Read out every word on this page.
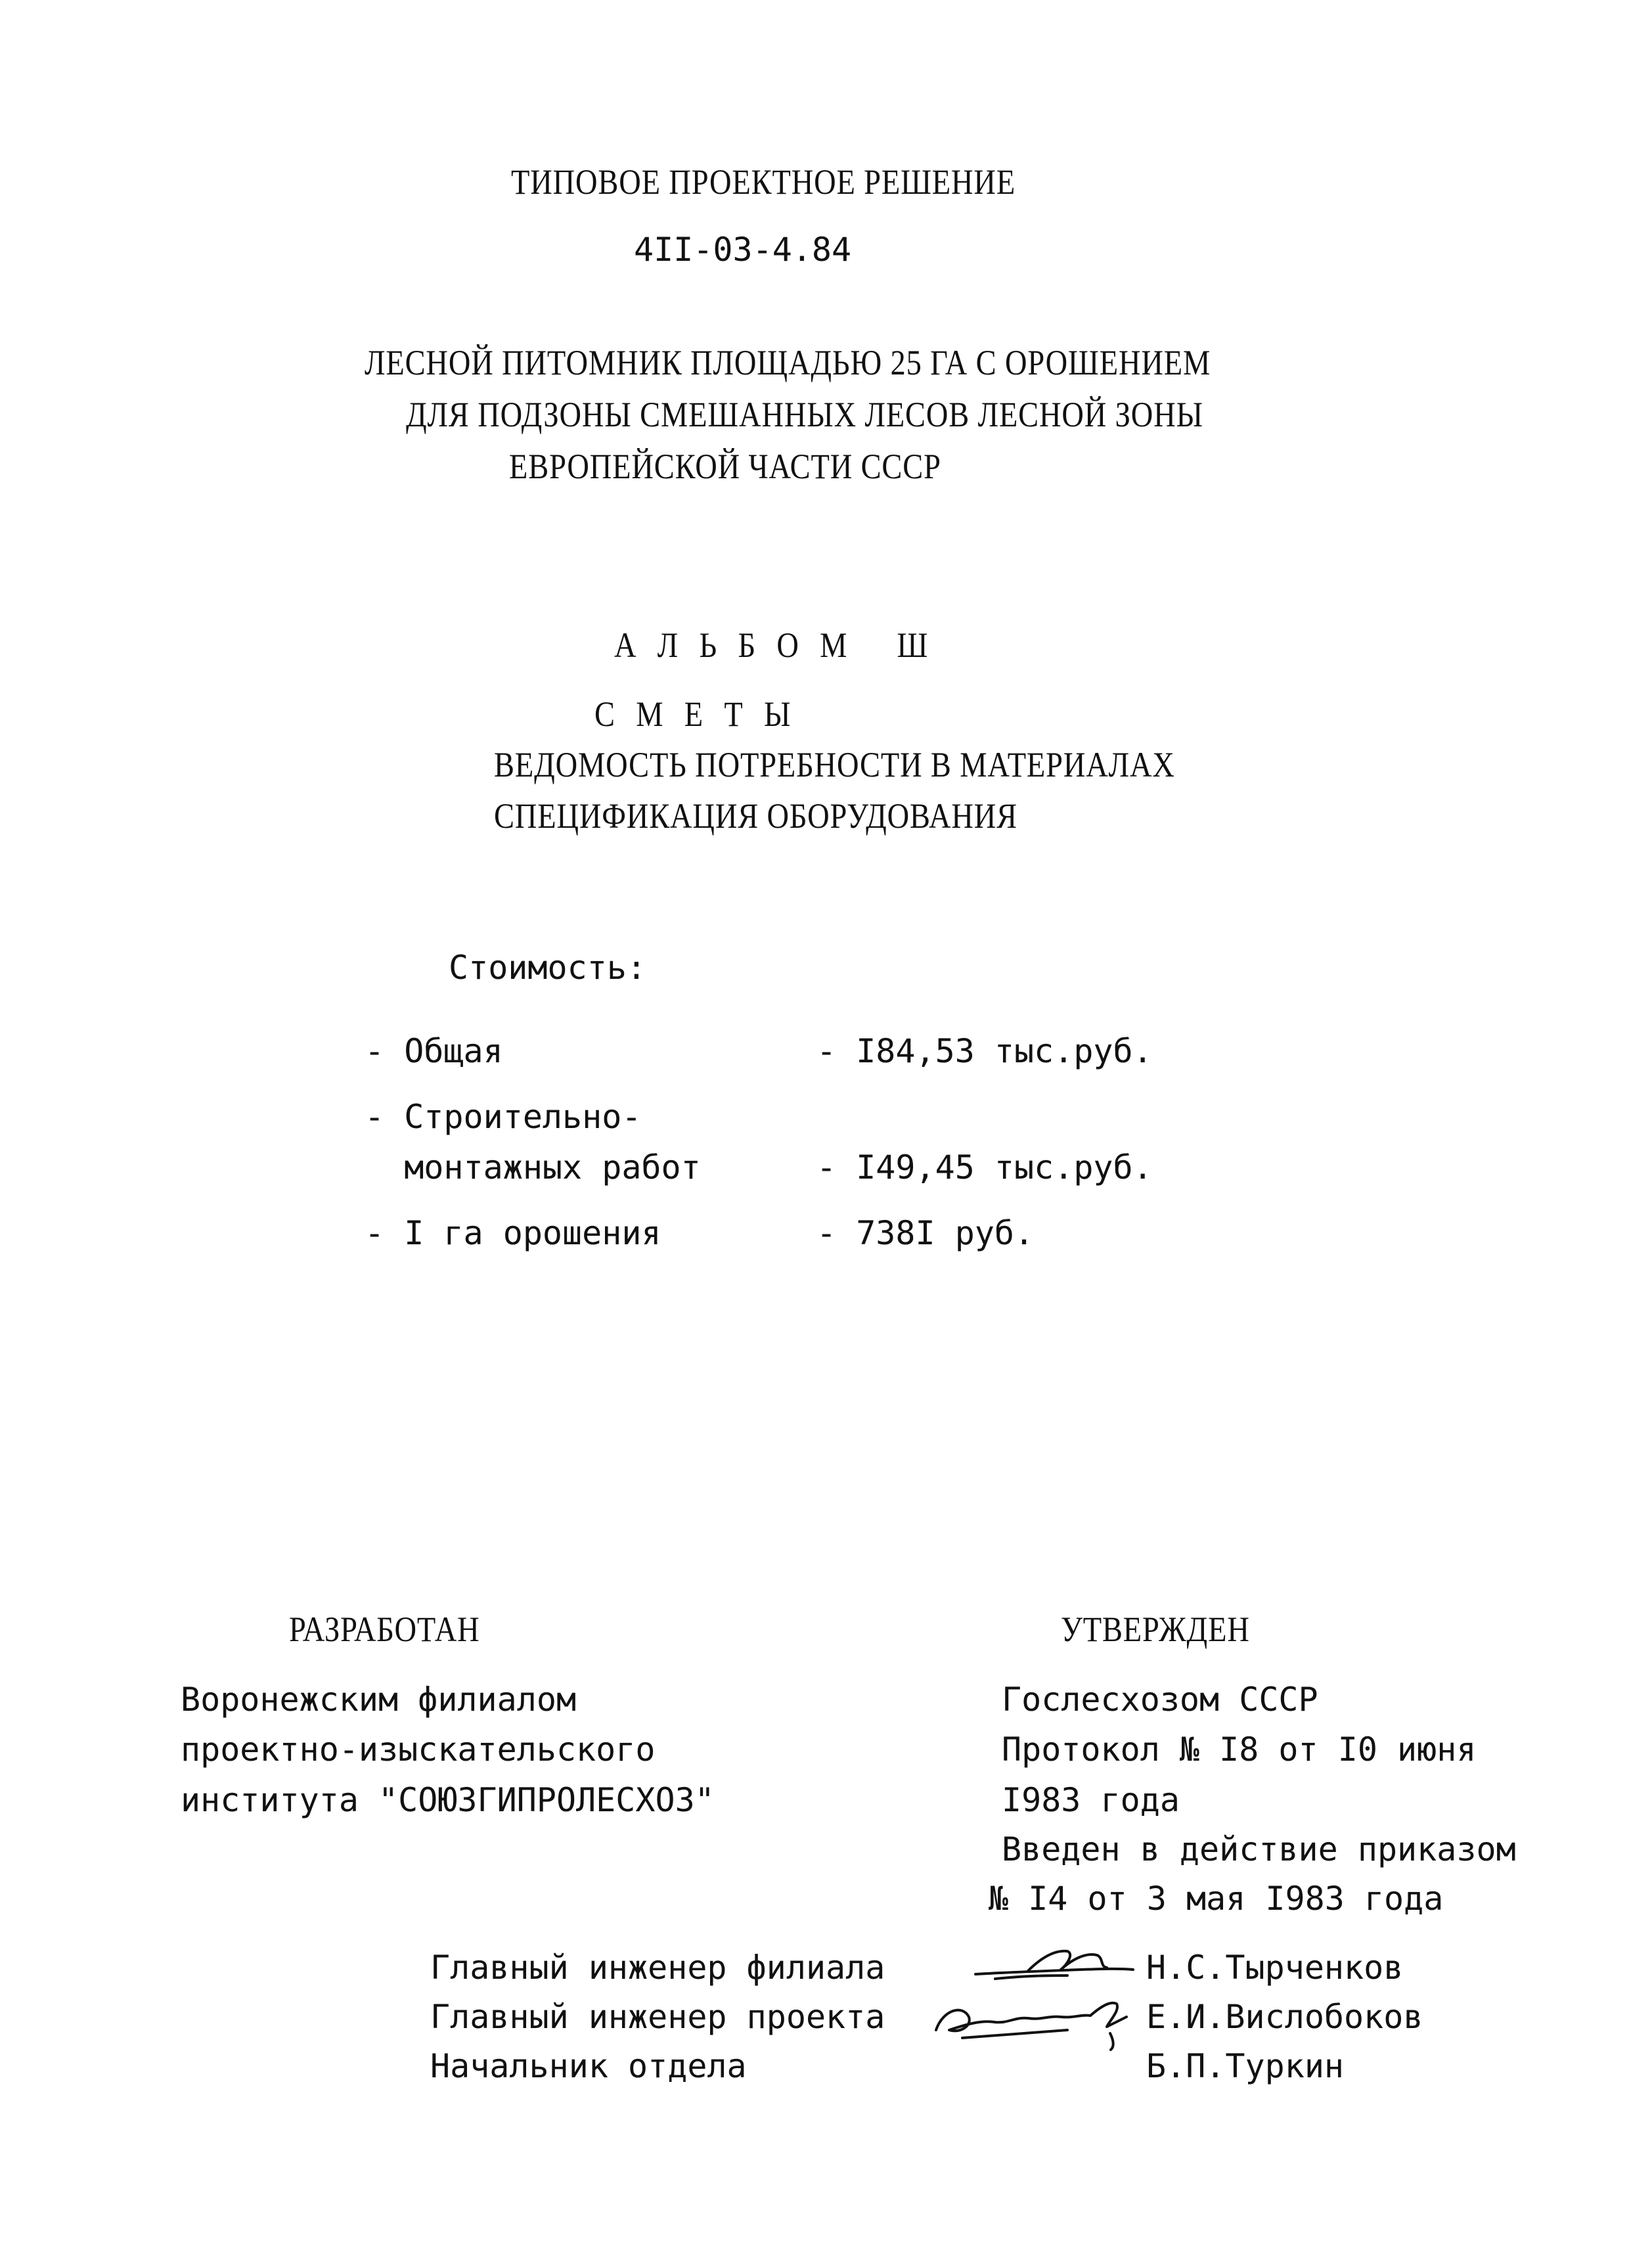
ТИПОВОЕ ПРОЕКТНОЕ РЕШЕНИЕ
4II-03-4.84
ЛЕСНОЙ ПИТОМНИК ПЛОЩАДЬЮ 25 ГА С ОРОШЕНИЕМ
ДЛЯ ПОДЗОНЫ СМЕШАННЫХ ЛЕСОВ ЛЕСНОЙ ЗОНЫ
ЕВРОПЕЙСКОЙ ЧАСТИ СССР
А Л Ь Б О М   Ш
С М Е Т Ы
ВЕДОМОСТЬ ПОТРЕБНОСТИ В МАТЕРИАЛАХ
СПЕЦИФИКАЦИЯ ОБОРУДОВАНИЯ
Стоимость:
- Общая	- I84,53 тыс.руб.
- Строительно-
монтажных работ	- I49,45 тыс.руб.
- I га орошения	- 738I руб.
РАЗРАБОТАН
Воронежским филиалом
проектно-изыскательского
института "СОЮЗГИПРОЛЕСХОЗ"
УТВЕРЖДЕН
Гослесхозом СССР
Протокол № I8 от I0 июня
I983 года
Введен в действие приказом
№ I4 от 3 мая I983 года
Главный инженер филиала	Н.С.Тырченков
Главный инженер проекта	Е.И.Вислобоков
Начальник отдела	Б.П.Туркин
